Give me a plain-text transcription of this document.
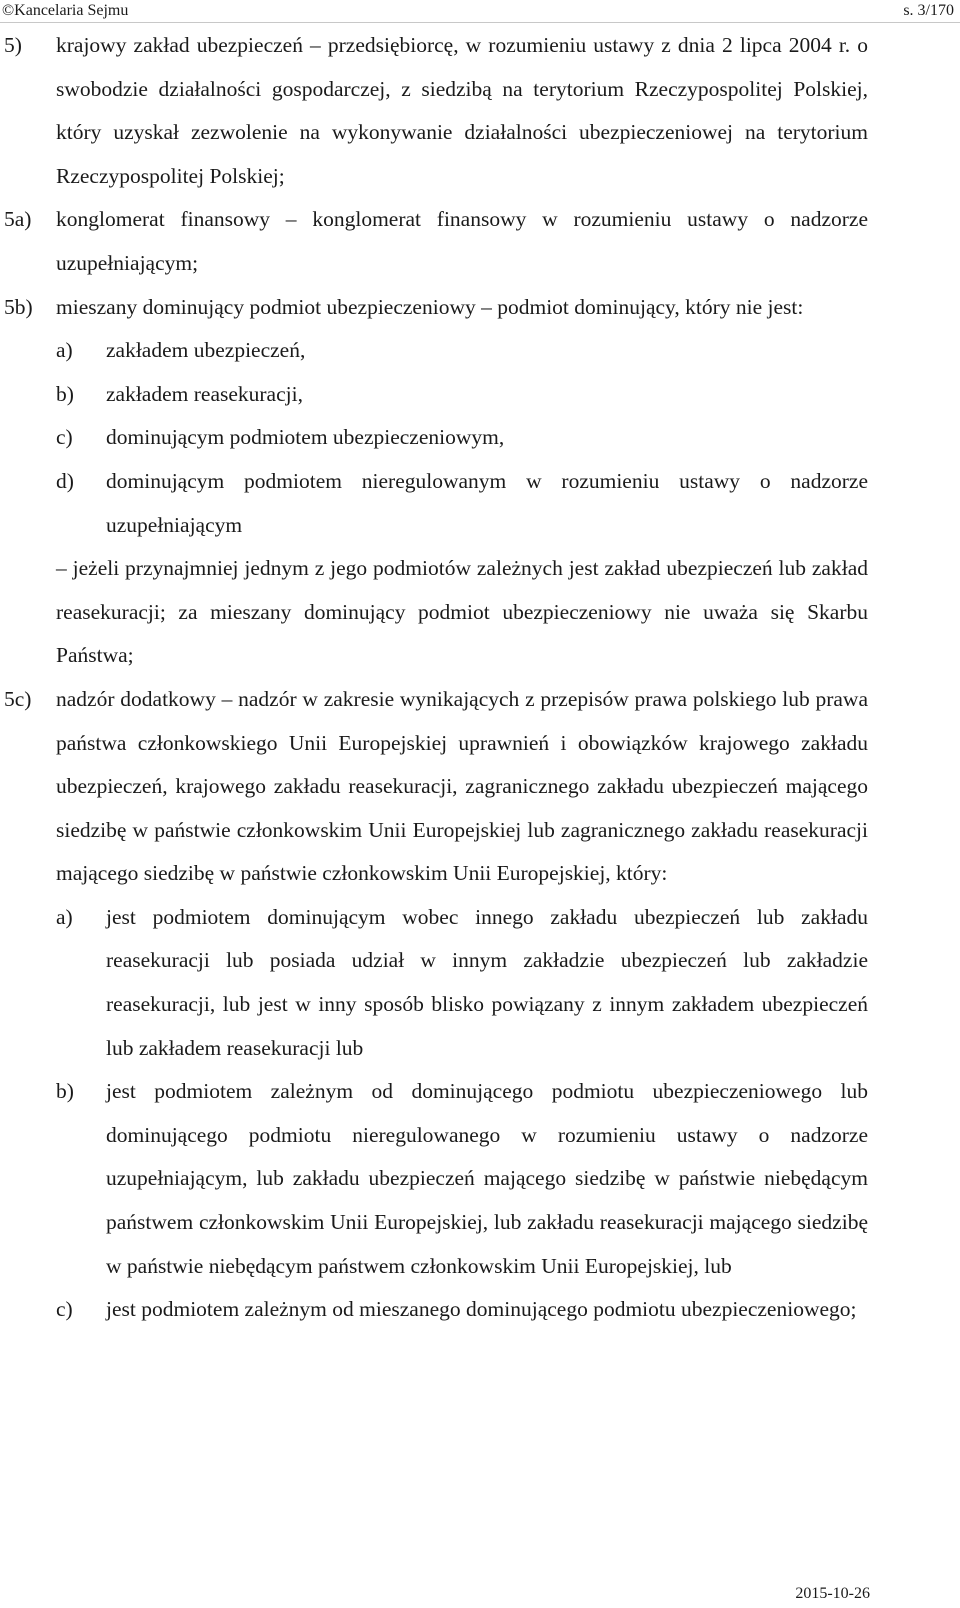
©Kancelaria Sejmu	s. 3/170
5) krajowy zakład ubezpieczeń – przedsiębiorcę, w rozumieniu ustawy z dnia 2 lipca 2004 r. o swobodzie działalności gospodarczej, z siedzibą na terytorium Rzeczypospolitej Polskiej, który uzyskał zezwolenie na wykonywanie działalności ubezpieczeniowej na terytorium Rzeczypospolitej Polskiej;
5a) konglomerat finansowy – konglomerat finansowy w rozumieniu ustawy o nadzorze uzupełniającym;
5b) mieszany dominujący podmiot ubezpieczeniowy – podmiot dominujący, który nie jest:
a) zakładem ubezpieczeń,
b) zakładem reasekuracji,
c) dominującym podmiotem ubezpieczeniowym,
d) dominującym podmiotem nieregulowanym w rozumieniu ustawy o nadzorze uzupełniającym
– jeżeli przynajmniej jednym z jego podmiotów zależnych jest zakład ubezpieczeń lub zakład reasekuracji; za mieszany dominujący podmiot ubezpieczeniowy nie uważa się Skarbu Państwa;
5c) nadzór dodatkowy – nadzór w zakresie wynikających z przepisów prawa polskiego lub prawa państwa członkowskiego Unii Europejskiej uprawnień i obowiązków krajowego zakładu ubezpieczeń, krajowego zakładu reasekuracji, zagranicznego zakładu ubezpieczeń mającego siedzibę w państwie członkowskim Unii Europejskiej lub zagranicznego zakładu reasekuracji mającego siedzibę w państwie członkowskim Unii Europejskiej, który:
a) jest podmiotem dominującym wobec innego zakładu ubezpieczeń lub zakładu reasekuracji lub posiada udział w innym zakładzie ubezpieczeń lub zakładzie reasekuracji, lub jest w inny sposób blisko powiązany z innym zakładem ubezpieczeń lub zakładem reasekuracji lub
b) jest podmiotem zależnym od dominującego podmiotu ubezpieczeniowego lub dominującego podmiotu nieregulowanego w rozumieniu ustawy o nadzorze uzupełniającym, lub zakładu ubezpieczeń mającego siedzibę w państwie niebędącym państwem członkowskim Unii Europejskiej, lub zakładu reasekuracji mającego siedzibę w państwie niebędącym państwem członkowskim Unii Europejskiej, lub
c) jest podmiotem zależnym od mieszanego dominującego podmiotu ubezpieczeniowego;
2015-10-26
